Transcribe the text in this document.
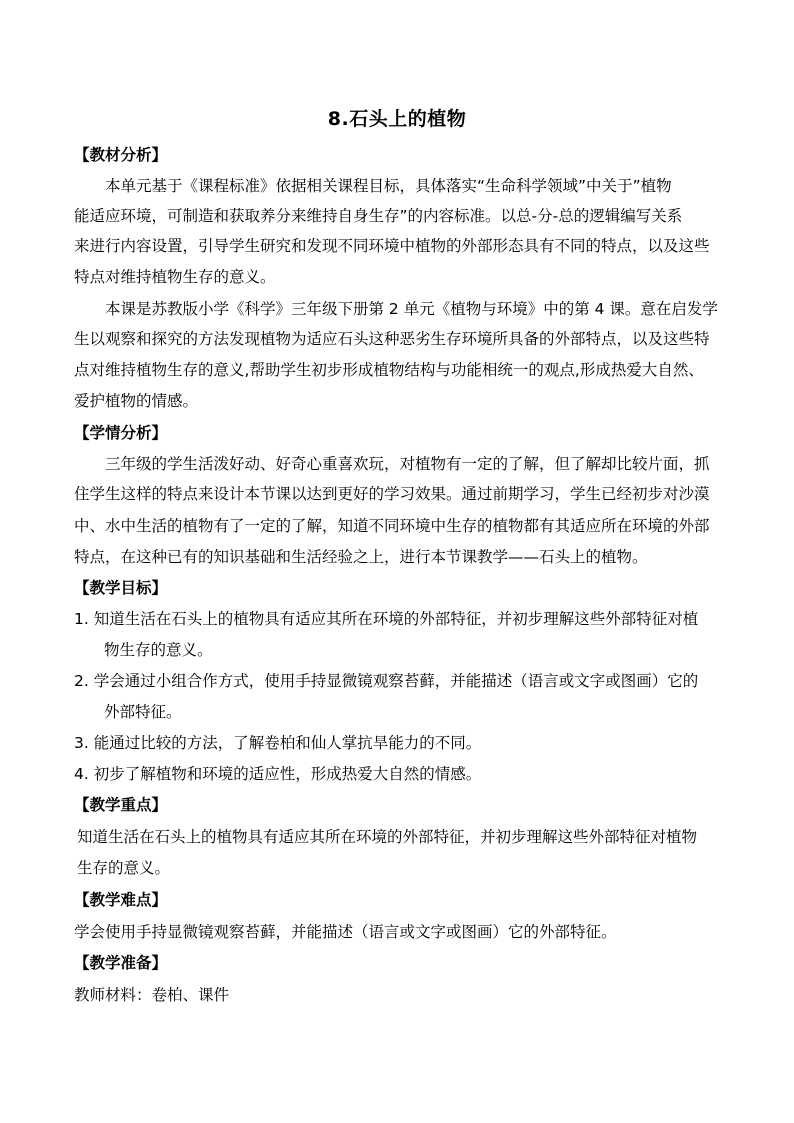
8.石头上的植物
【教材分析】
本单元基于《课程标准》依据相关课程目标，具体落实“生命科学领域”中关于”植物
能适应环境，可制造和获取养分来维持自身生存”的内容标准。以总-分-总的逻辑编写关系
来进行内容设置，引导学生研究和发现不同环境中植物的外部形态具有不同的特点，以及这些
特点对维持植物生存的意义。
本课是苏教版小学《科学》三年级下册第 2 单元《植物与环境》中的第 4 课。意在启发学
生以观察和探究的方法发现植物为适应石头这种恶劣生存环境所具备的外部特点，以及这些特
点对维持植物生存的意义,帮助学生初步形成植物结构与功能相统一的观点,形成热爱大自然、
爱护植物的情感。
【学情分析】
三年级的学生活泼好动、好奇心重喜欢玩，对植物有一定的了解，但了解却比较片面，抓
住学生这样的特点来设计本节课以达到更好的学习效果。通过前期学习，学生已经初步对沙漠
中、水中生活的植物有了一定的了解，知道不同环境中生存的植物都有其适应所在环境的外部
特点，在这种已有的知识基础和生活经验之上，进行本节课教学——石头上的植物。
【教学目标】
1. 知道生活在石头上的植物具有适应其所在环境的外部特征，并初步理解这些外部特征对植
物生存的意义。
2. 学会通过小组合作方式，使用手持显微镜观察苔藓，并能描述（语言或文字或图画）它的
外部特征。
3. 能通过比较的方法，了解卷柏和仙人掌抗旱能力的不同。
4. 初步了解植物和环境的适应性，形成热爱大自然的情感。
【教学重点】
知道生活在石头上的植物具有适应其所在环境的外部特征，并初步理解这些外部特征对植物
生存的意义。
【教学难点】
学会使用手持显微镜观察苔藓，并能描述（语言或文字或图画）它的外部特征。
【教学准备】
教师材料：卷柏、课件
